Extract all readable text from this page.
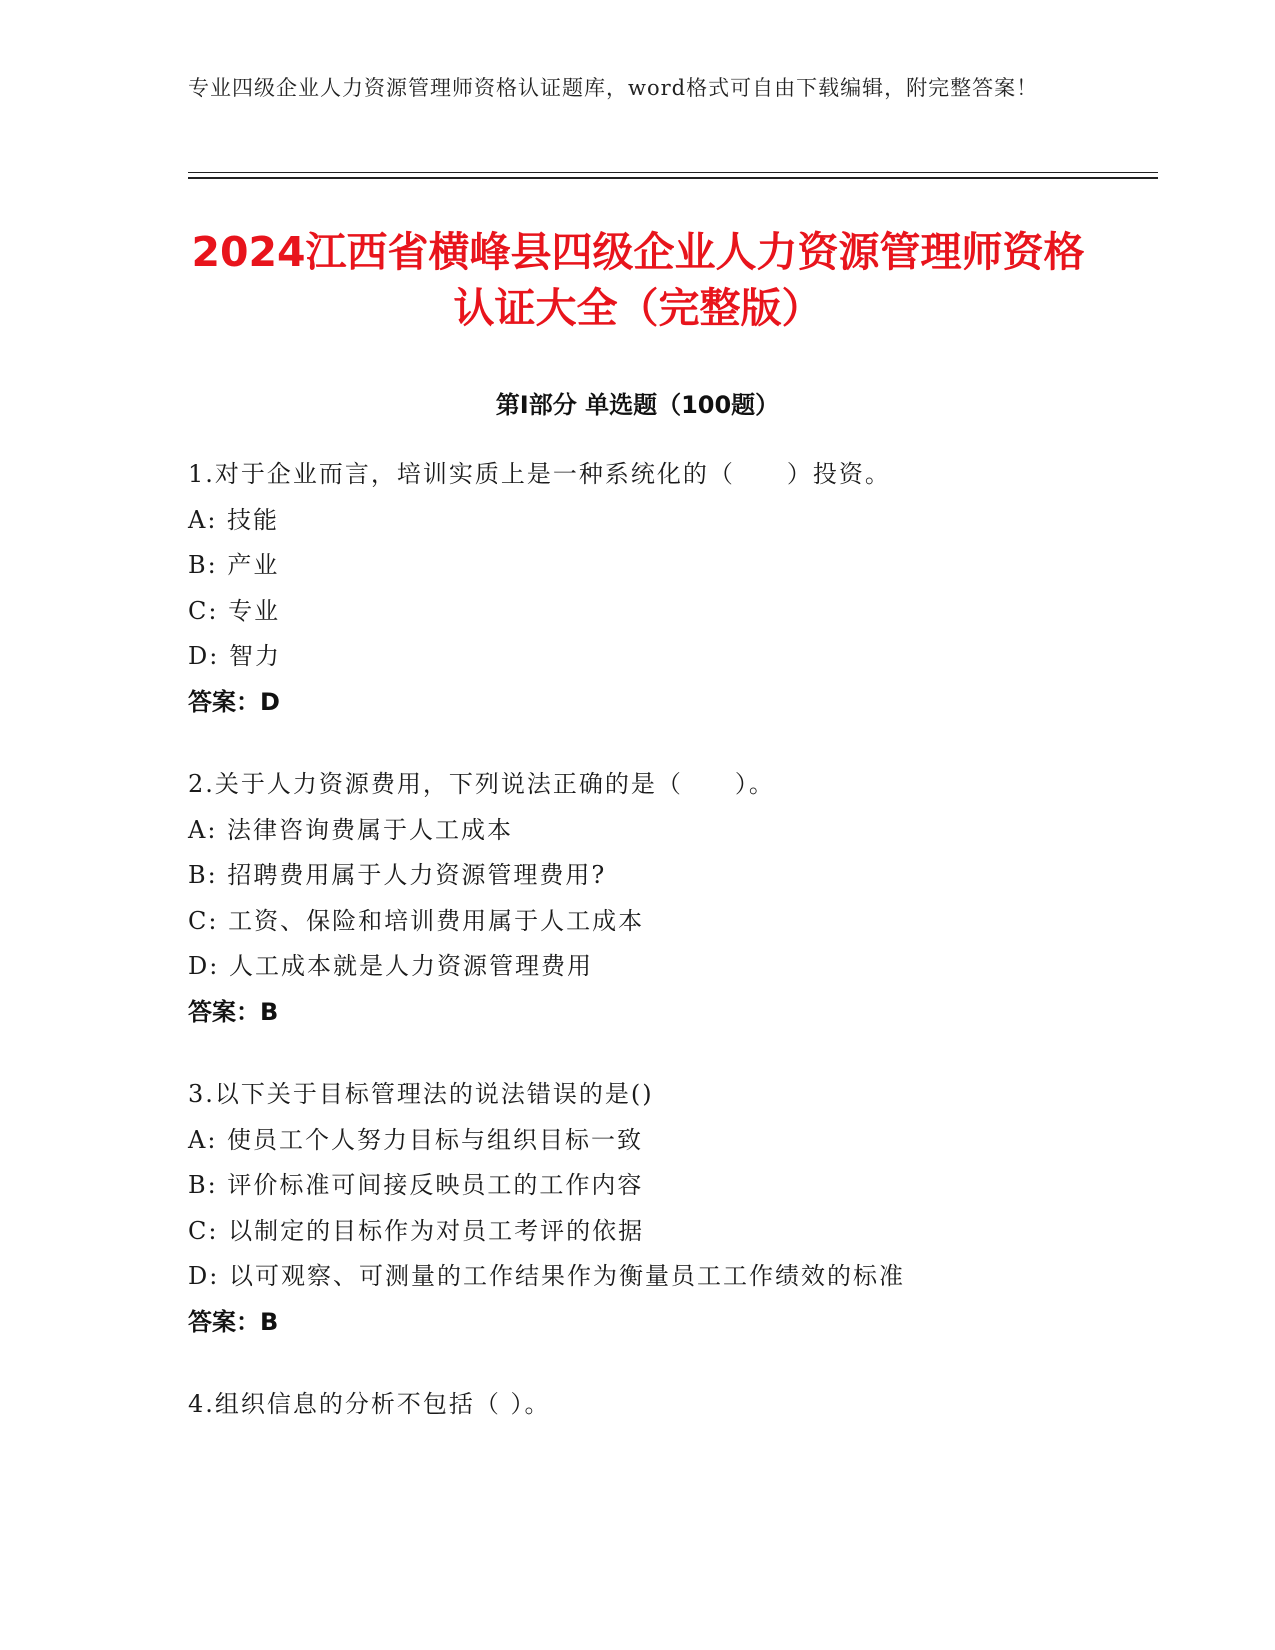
专业四级企业人力资源管理师资格认证题库，word格式可自由下载编辑，附完整答案！
2024江西省横峰县四级企业人力资源管理师资格认证大全（完整版）
第I部分 单选题（100题）
1.对于企业而言，培训实质上是一种系统化的（　　）投资。
A: 技能
B: 产业
C: 专业
D: 智力
答案：D
2.关于人力资源费用，下列说法正确的是（　　）。
A: 法律咨询费属于人工成本
B: 招聘费用属于人力资源管理费用?
C: 工资、保险和培训费用属于人工成本
D: 人工成本就是人力资源管理费用
答案：B
3.以下关于目标管理法的说法错误的是()
A: 使员工个人努力目标与组织目标一致
B: 评价标准可间接反映员工的工作内容
C: 以制定的目标作为对员工考评的依据
D: 以可观察、可测量的工作结果作为衡量员工工作绩效的标准
答案：B
4.组织信息的分析不包括（ ）。
